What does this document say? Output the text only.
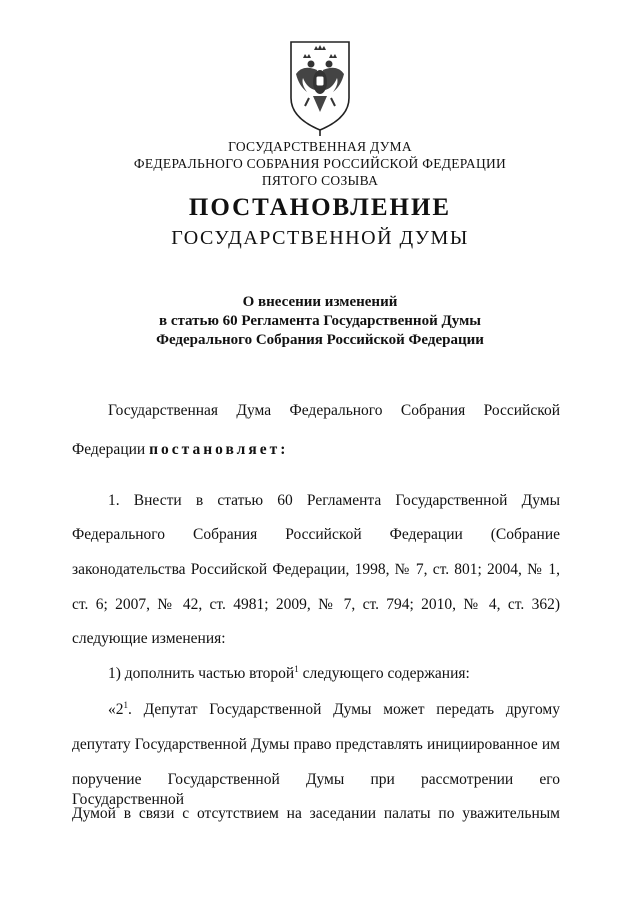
ГОСУДАРСТВЕННАЯ ДУМА
ФЕДЕРАЛЬНОГО СОБРАНИЯ РОССИЙСКОЙ ФЕДЕРАЦИИ
ПЯТОГО СОЗЫВА
ПОСТАНОВЛЕНИЕ
ГОСУДАРСТВЕННОЙ ДУМЫ
О внесении изменений
в статью 60 Регламента Государственной Думы
Федерального Собрания Российской Федерации
Государственная Дума Федерального Собрания Российской
Федерации постановляет:
1. Внести в статью 60 Регламента Государственной Думы
Федерального Собрания Российской Федерации (Собрание
законодательства Российской Федерации, 1998, № 7, ст. 801; 2004, № 1,
ст. 6; 2007, № 42, ст. 4981; 2009, № 7, ст. 794; 2010, № 4, ст. 362)
следующие изменения:
1) дополнить частью второй$^1$ следующего содержания:
«$2^1$. Депутат Государственной Думы может передать другому
депутату Государственной Думы право представлять инициированное им
поручение Государственной Думы при рассмотрении его Государственной
Думой в связи с отсутствием на заседании палаты по уважительным
